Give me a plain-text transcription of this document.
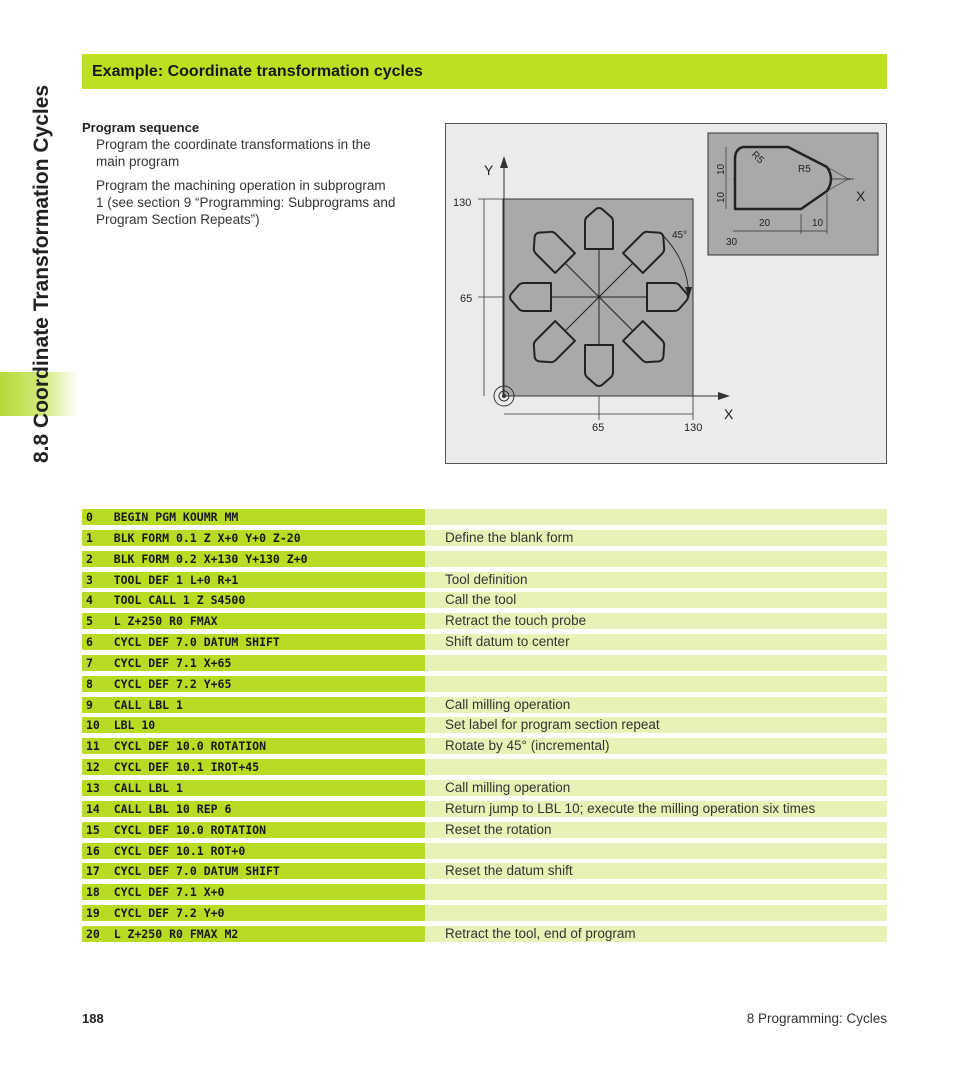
8.8 Coordinate Transformation Cycles
Example: Coordinate transformation cycles
Program sequence
Program the coordinate transformations in the
main program
Program the machining operation in subprogram
1 (see section 9 “Programming: Subprograms and
Program Section Repeats”)
Y
X
130
65
65	130
45°
X
10
10
20	10
30
R5
R5
0   BEGIN PGM KOUMR MM
1   BLK FORM 0.1 Z X+0 Y+0 Z-20	Define the blank form
2   BLK FORM 0.2 X+130 Y+130 Z+0
3   TOOL DEF 1 L+0 R+1	Tool definition
4   TOOL CALL 1 Z S4500	Call the tool
5   L Z+250 R0 FMAX	Retract the touch probe
6   CYCL DEF 7.0 DATUM SHIFT	Shift datum to center
7   CYCL DEF 7.1 X+65
8   CYCL DEF 7.2 Y+65
9   CALL LBL 1	Call milling operation
10  LBL 10	Set label for program section repeat
11  CYCL DEF 10.0 ROTATION	Rotate by 45° (incremental)
12  CYCL DEF 10.1 IROT+45
13  CALL LBL 1	Call milling operation
14  CALL LBL 10 REP 6	Return jump to LBL 10; execute the milling operation six times
15  CYCL DEF 10.0 ROTATION	Reset the rotation
16  CYCL DEF 10.1 ROT+0
17  CYCL DEF 7.0 DATUM SHIFT	Reset the datum shift
18  CYCL DEF 7.1 X+0
19  CYCL DEF 7.2 Y+0
20  L Z+250 R0 FMAX M2	Retract the tool, end of program
188	8 Programming: Cycles
